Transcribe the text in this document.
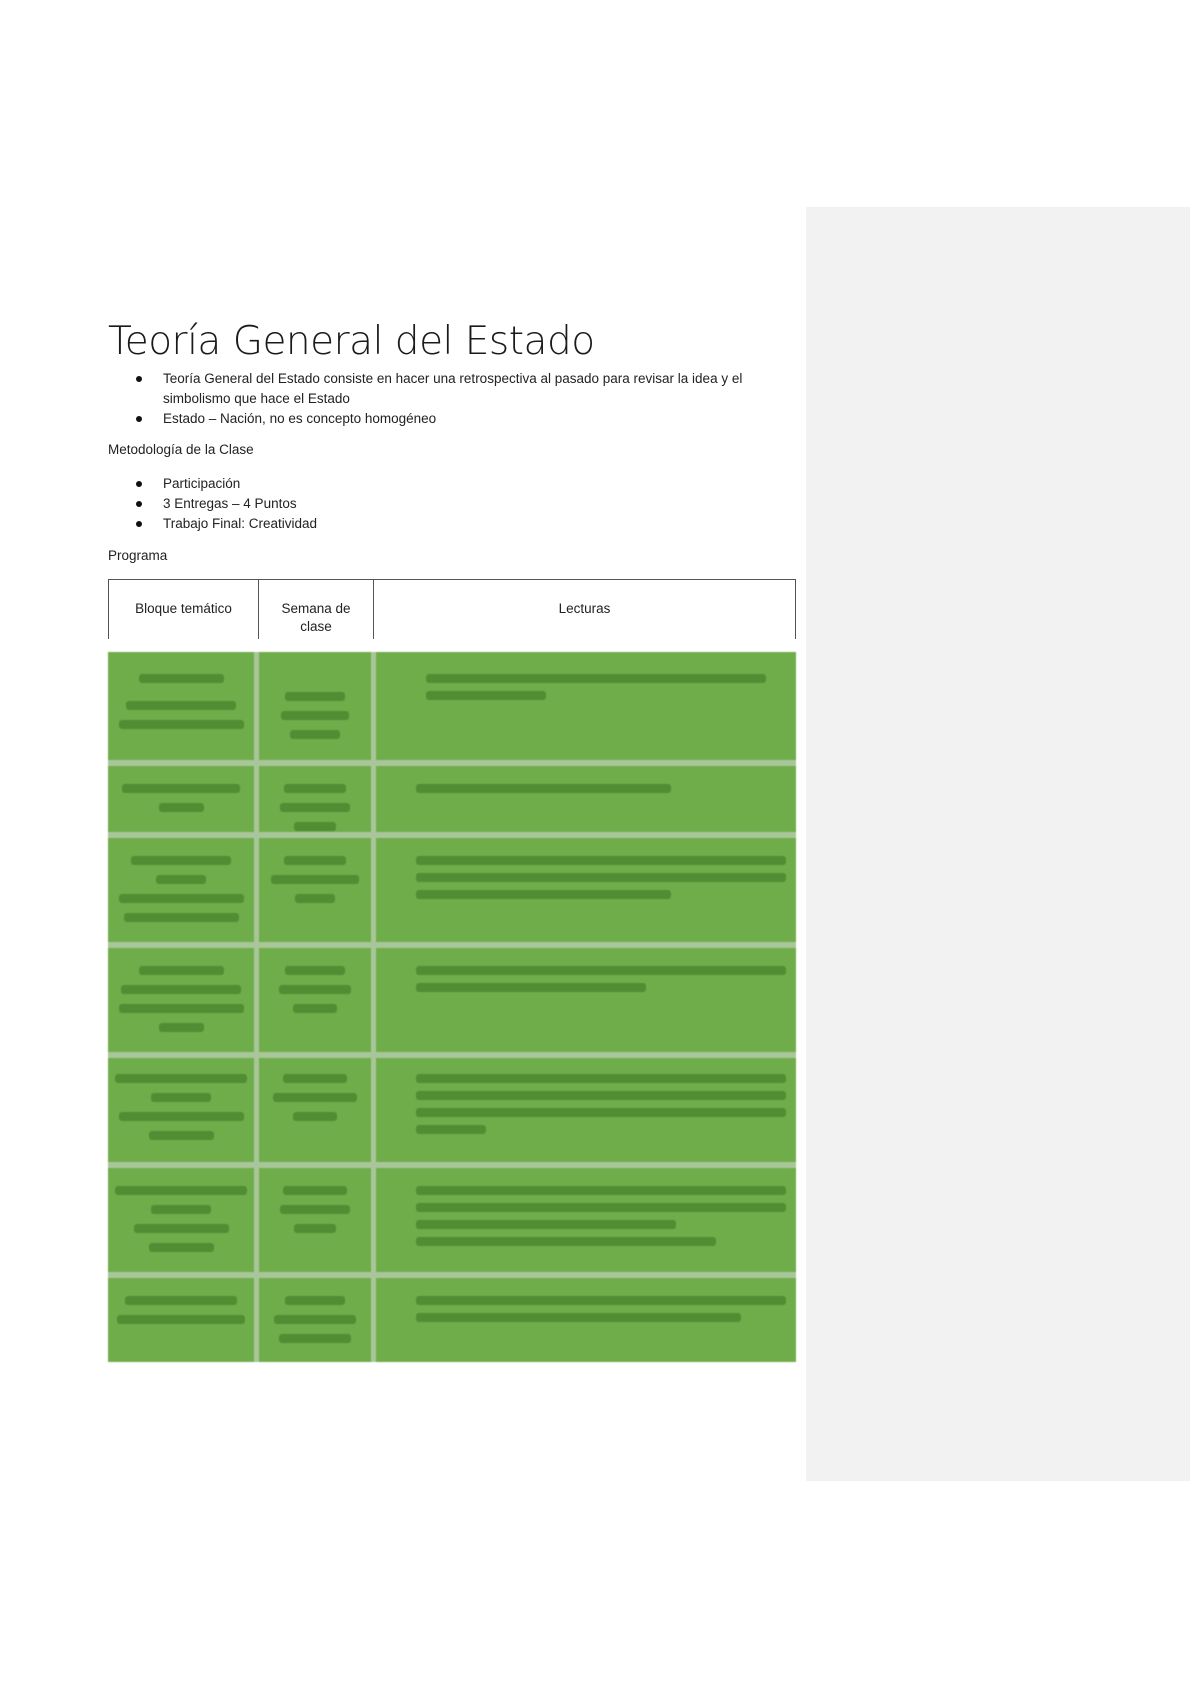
Teoría General del Estado
Teoría General del Estado consiste en hacer una retrospectiva al pasado para revisar la idea y el simbolismo que hace el Estado
Estado – Nación, no es concepto homogéneo

Metodología de la Clase

Participación
3 Entregas – 4 Puntos
Trabajo Final: Creatividad

Programa

Bloque temático	Semana de clase
Lecturas
